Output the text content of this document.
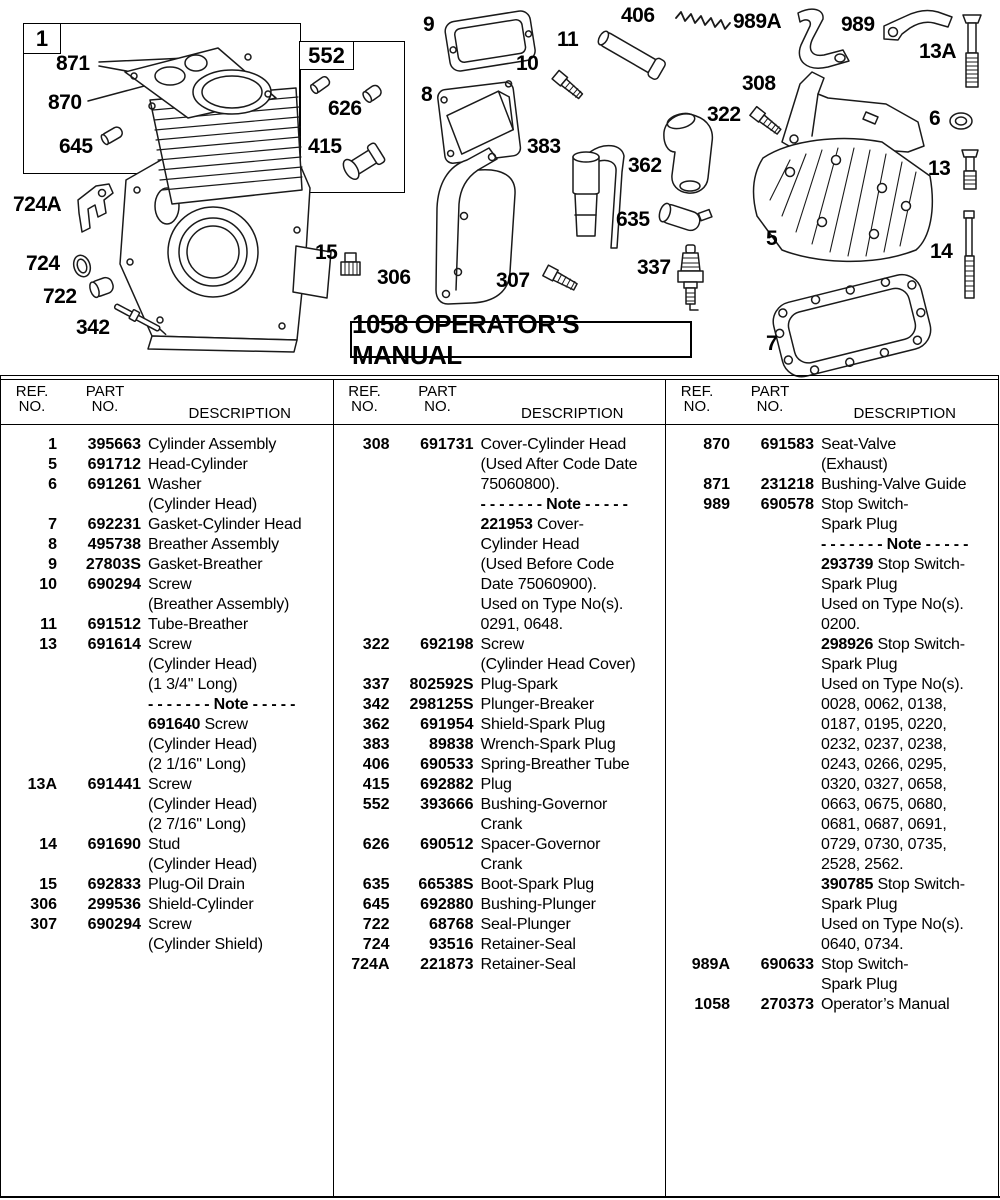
1
552
871
870
645
724A
724
722
342
626
415
9
10
8
11
383
306	307
15
362
635
337
406	989A	989
13A
308
322	6
13
5
14
7
1058 OPERATOR’S MANUAL
REF.
NO.
PART
NO.	DESCRIPTION
1	395663 Cylinder Assembly
5	691712 Head-Cylinder
6	691261 Washer
(Cylinder Head)
7	692231 Gasket-Cylinder Head
8	495738 Breather Assembly
9	27803S Gasket-Breather
10	690294 Screw
(Breather Assembly)
11	691512 Tube-Breather
13	691614 Screw
(Cylinder Head)
(1 3/4" Long)
- - - - - - - Note - - - - -
691640 Screw
(Cylinder Head)
(2 1/16" Long)
13A	691441 Screw
(Cylinder Head)
(2 7/16" Long)
14	691690 Stud
(Cylinder Head)
15	692833 Plug-Oil Drain
306	299536 Shield-Cylinder
307	690294 Screw
(Cylinder Shield)
REF.
NO.
PART
NO.	DESCRIPTION
308	691731 Cover-Cylinder Head
(Used After Code Date
75060800).
- - - - - - - Note - - - - -
221953 Cover-
Cylinder Head
(Used Before Code
Date 75060900).
Used on Type No(s).
0291, 0648.
322	692198 Screw
(Cylinder Head Cover)
337	802592S Plug-Spark
342	298125S Plunger-Breaker
362	691954 Shield-Spark Plug
383	89838 Wrench-Spark Plug
406	690533 Spring-Breather Tube
415	692882 Plug
552	393666 Bushing-Governor
Crank
626	690512 Spacer-Governor
Crank
635	66538S Boot-Spark Plug
645	692880 Bushing-Plunger
722	68768 Seal-Plunger
724	93516 Retainer-Seal
724A	221873 Retainer-Seal
REF.
NO.
PART
NO.	DESCRIPTION
870	691583 Seat-Valve
(Exhaust)
871	231218 Bushing-Valve Guide
989	690578 Stop Switch-
Spark Plug
- - - - - - - Note - - - - -
293739 Stop Switch-
Spark Plug
Used on Type No(s).
0200.
298926 Stop Switch-
Spark Plug
Used on Type No(s).
0028, 0062, 0138,
0187, 0195, 0220,
0232, 0237, 0238,
0243, 0266, 0295,
0320, 0327, 0658,
0663, 0675, 0680,
0681, 0687, 0691,
0729, 0730, 0735,
2528, 2562.
390785 Stop Switch-
Spark Plug
Used on Type No(s).
0640, 0734.
989A	690633 Stop Switch-
Spark Plug
1058	270373 Operator’s Manual
